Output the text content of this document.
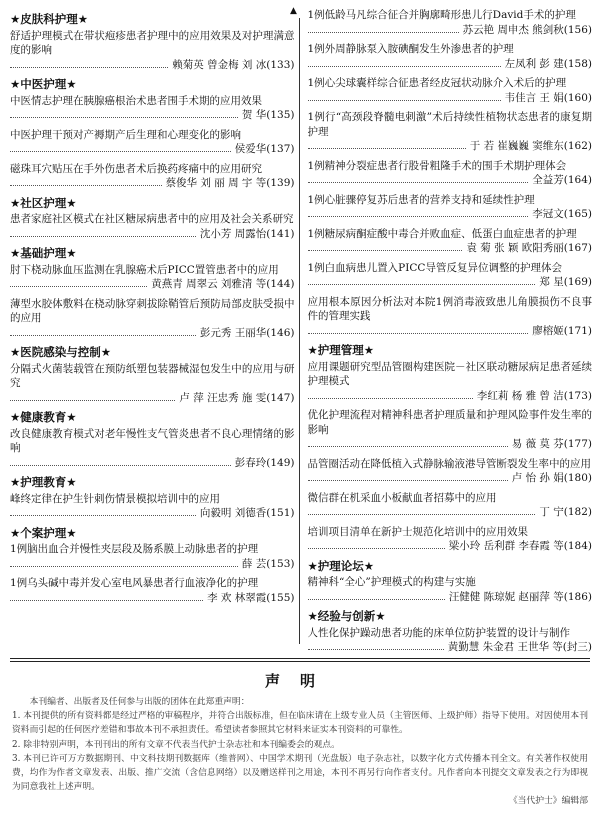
★皮肤科护理★
舒适护理模式在带状疱疹患者护理中的应用效果及对护理满意度的影响
赖菊英 曾金梅 刘 冰(133)
★中医护理★
中医情志护理在胰腺癌根治术患者围手术期的应用效果
贺 华(135)
中医护理干预对产褥期产后生理和心理变化的影响
侯爱华(137)
磁珠耳穴贴压在手外伤患者术后换药疼痛中的应用研究
蔡俊华 刘 丽 周 宇 等(139)
★社区护理★
患者家庭社区模式在社区糖尿病患者中的应用及社会关系研究
沈小芳 周露怡(141)
★基础护理★
肘下桡动脉血压监测在乳腺癌术后PICC置管患者中的应用
黄燕青 周翠云 刘雅清 等(144)
薄型水胶体敷料在桡动脉穿刺拔除鞘管后预防局部皮肤受损中的应用
彭元秀 王丽华(146)
★医院感染与控制★
分隔式火菌装载管在预防纸塑包装器械湿包发生中的应用与研究
卢 萍 汪忠秀 施 雯(147)
★健康教育★
改良健康教育模式对老年慢性支气管炎患者不良心理情绪的影响
彭春玲(149)
★护理教育★
峰终定律在护生针刺伤情景模拟培训中的应用
向毅明 刘德香(151)
★个案护理★
1例脑出血合并慢性夹层段及肠系膜上动脉患者的护理
薛 芸(153)
1例乌头碱中毒并发心室电风暴患者行血液净化的护理
李 欢 林翠霞(155)
1例低龄马凡综合征合并胸廓畸形患儿行David手术的护理
苏云艳 周申杰 熊剑秋(156)
1例外周静脉泵入胺碘酮发生外渗患者的护理
左凤利 彭 建(158)
1例心尖球囊样综合征患者经皮冠状动脉介入术后的护理
韦佳言 王 娟(160)
1例行“高颈段脊髓电刺激”术后持续性植物状态患者的康复期护理
于 若 崔巍巍 窦维东(162)
1例精神分裂症患者行股骨粗隆手术的围手术期护理体会
全益芳(164)
1例心脏骤停复苏后患者的营养支持和延续性护理
李冠文(165)
1例糖尿病酮症酸中毒合并败血症、低蛋白血症患者的护理
袁 菊 张 颖 欧阳秀丽(167)
1例白血病患儿置入PICC导管反复异位调整的护理体会
郑 星(169)
应用根本原因分析法对本院1例消毒液致患儿角膜损伤不良事件的管理实践
廖榕姬(171)
★护理管理★
应用课题研究型品管圈构建医院－社区联动糖尿病足患者延续护理模式
李红莉 杨 雅 曾 洁(173)
优化护理流程对精神科患者护理质量和护理风险事件发生率的影响
易 薇 莫 芬(177)
品管圈活动在降低植入式静脉输液港导管断裂发生率中的应用
卢 怡 孙 娟(180)
微信群在机采血小板献血者招募中的应用
丁 宁(182)
培训项目清单在新护士规范化培训中的应用效果
梁小玲 岳利群 李春霞 等(184)
★护理论坛★
精神科“全心”护理模式的构建与实施
汪健健 陈琼妮 赵丽萍 等(186)
★经验与创新★
人性化保护躁动患者功能的床单位防护装置的设计与制作
黄勤慧 朱金君 王世华 等(封三)
▲
声明

本刊编者、出版者及任何参与出版的团体在此郑重声明：

1. 本刊提供的所有资料都是经过严格的审稿程序，并符合出版标准，但在临床请在上级专业人员（主管医师、上级护师）指导下使用。对因使用本刊资料而引起的任何医疗差错和事故本刊不承担责任。希望读者参照其它材料来证实本刊资料的可靠性。

2. 除非特别声明，本刊刊出的所有文章不代表当代护士杂志社和本刊编委会的观点。

3. 本刊已许可万方数据期刊、中文科技期刊数据库（维普网）、中国学术期刊（光盘版）电子杂志社，以数字化方式传播本刊全文。有关著作权使用费，均作为作者文章发表、出版、推广交流（含信息网络）以及赠送样刊之用途，本刊不再另行向作者支付。凡作者向本刊提交文章发表之行为即视为同意我社上述声明。

《当代护士》编辑部
